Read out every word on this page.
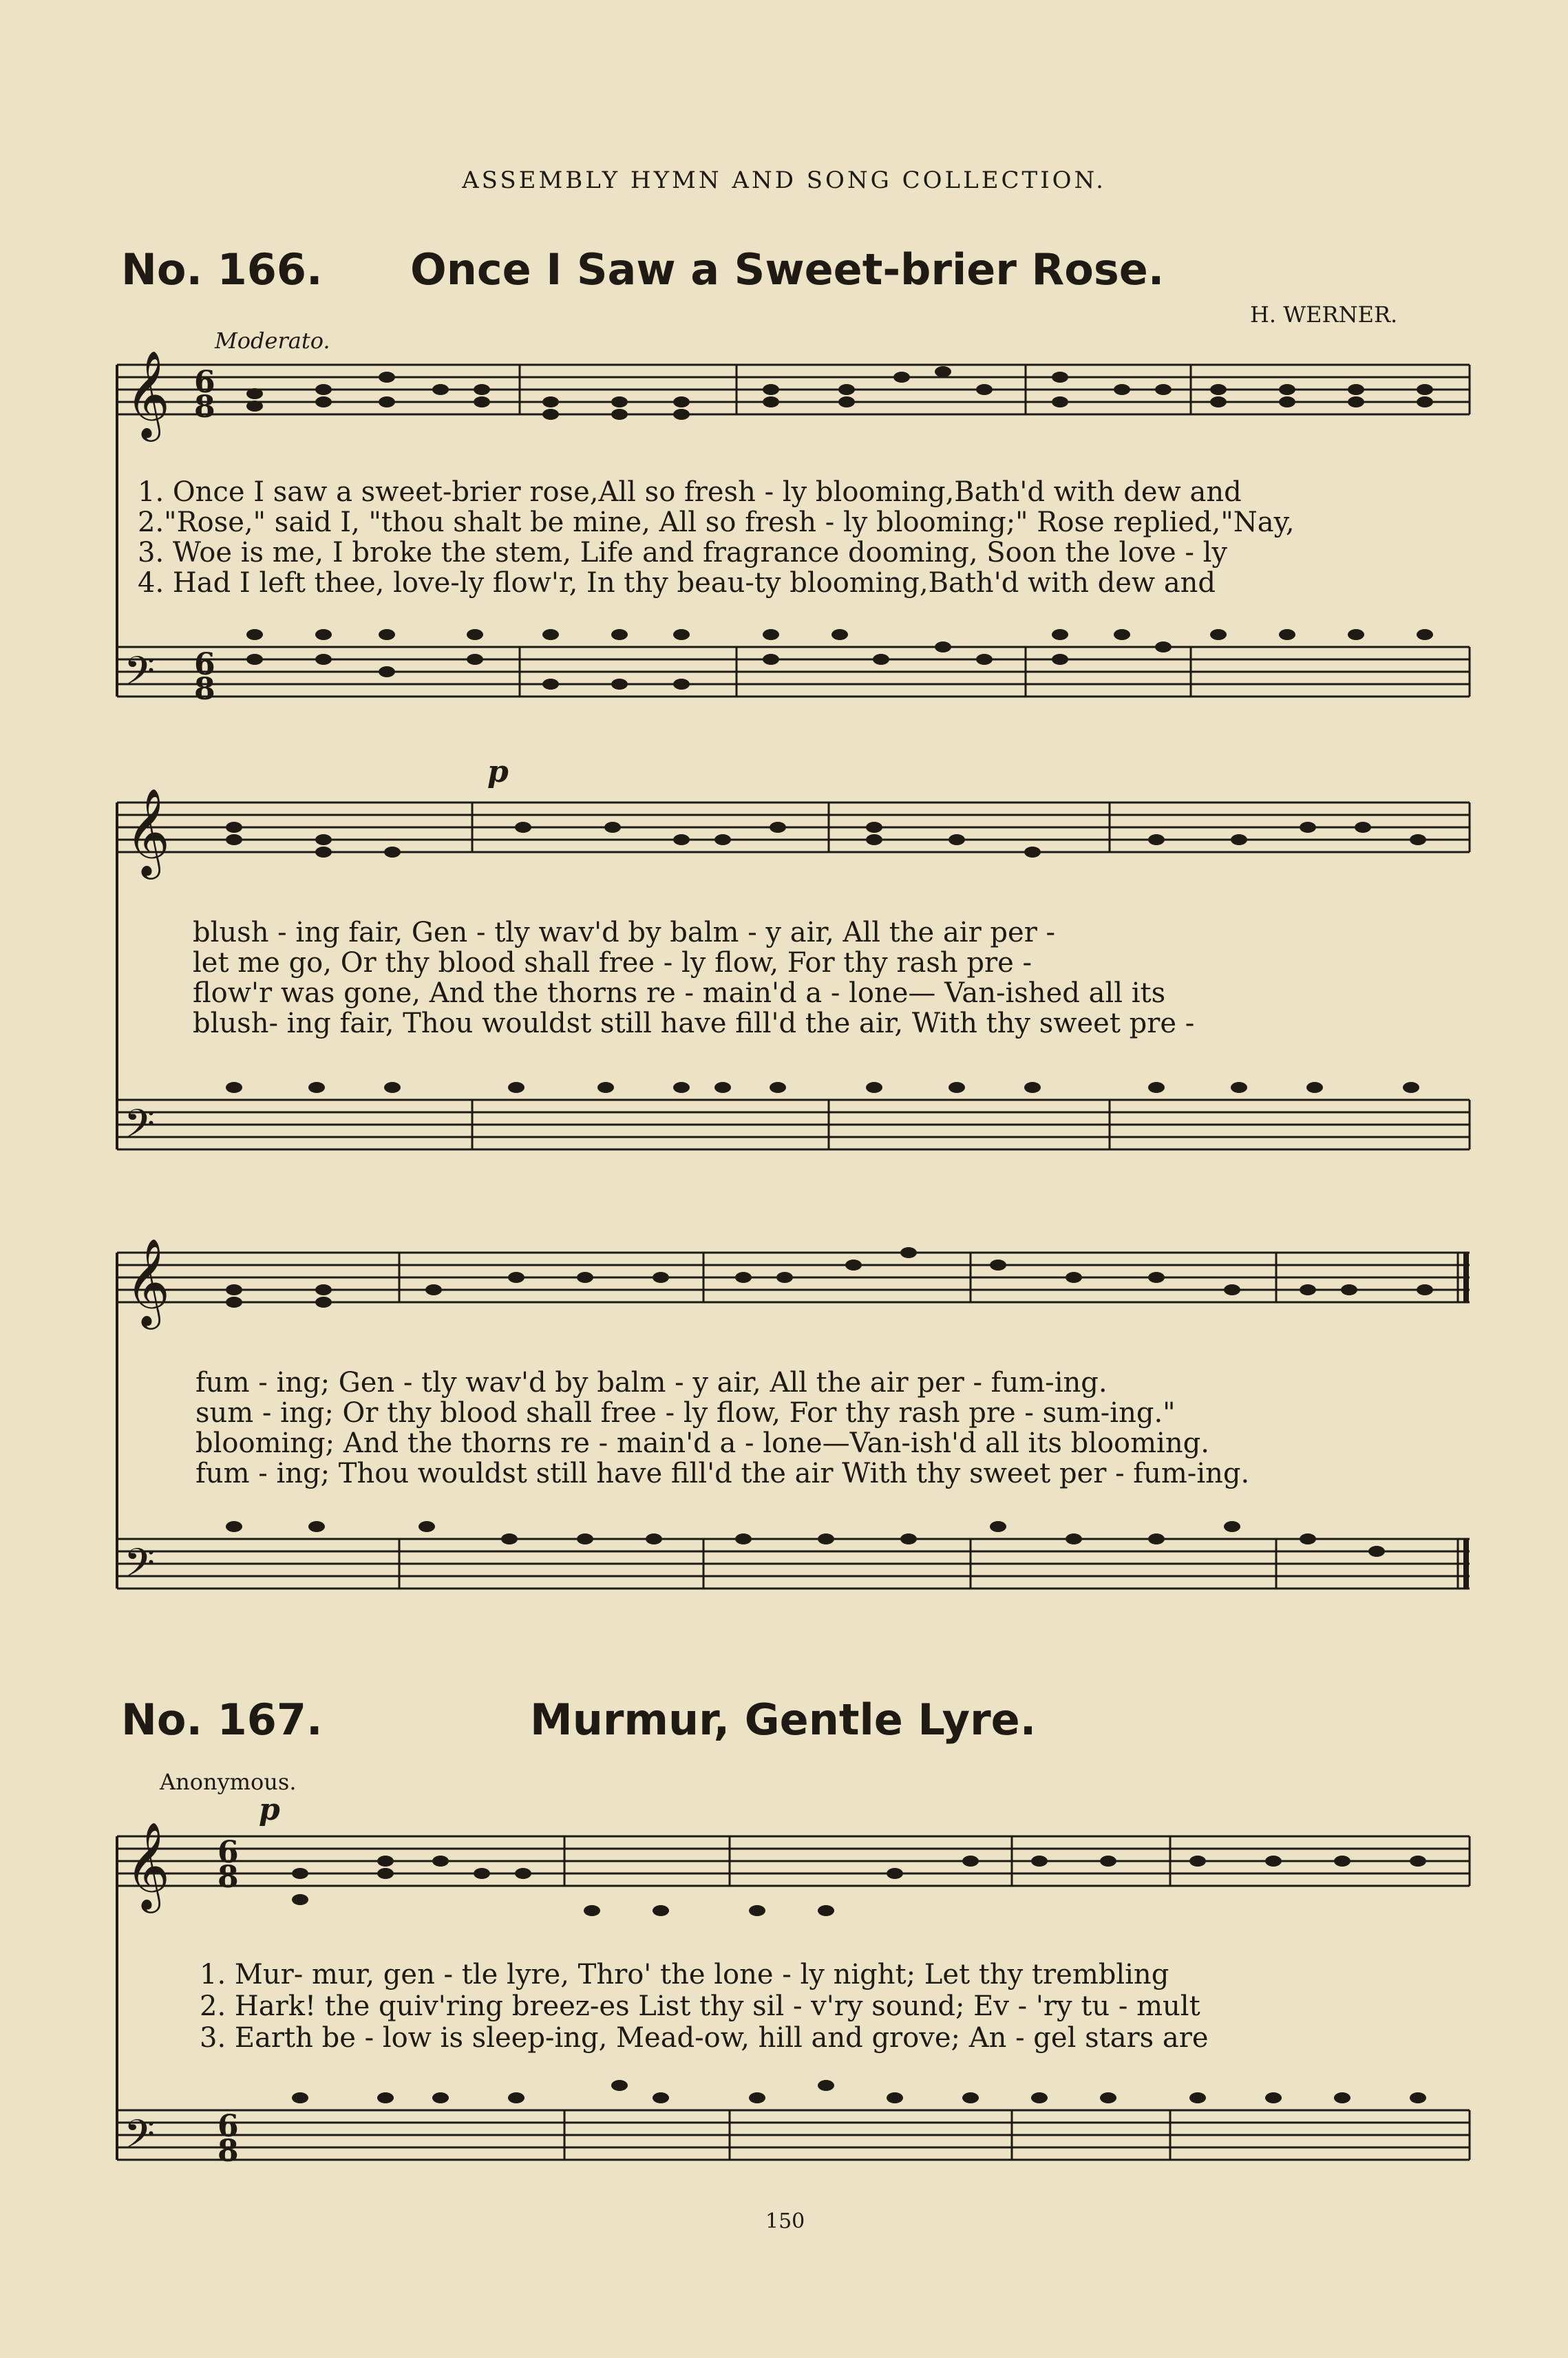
ASSEMBLY HYMN AND SONG COLLECTION.
No. 166. Once I Saw a Sweet-brier Rose.
H. WERNER.
Moderato.
p
𝄞
𝄢
𝄞
𝄢
𝄞
𝄢
𝄞
𝄢
6
8
6
8
6
8
6
8
1. Once I saw a sweet-brier rose,All so fresh - ly blooming,Bath'd with dew and
2."Rose," said I, "thou shalt be mine, All so fresh - ly blooming;" Rose replied,"Nay,
3. Woe is me, I broke the stem, Life and fragrance dooming, Soon the love - ly
4. Had I left thee, love-ly flow'r, In thy beau-ty blooming,Bath'd with dew and
blush - ing fair, Gen - tly wav'd by balm - y air, All the air per -
let me go, Or thy blood shall free - ly flow, For thy rash pre -
flow'r was gone, And the thorns re - main'd a - lone— Van-ished all its
blush- ing fair, Thou wouldst still have fill'd the air, With thy sweet pre -
fum - ing; Gen - tly wav'd by balm - y air, All the air per - fum-ing.
sum - ing; Or thy blood shall free - ly flow, For thy rash pre - sum-ing."
blooming; And the thorns re - main'd a - lone—Van-ish'd all its blooming.
fum - ing; Thou wouldst still have fill'd the air With thy sweet per - fum-ing.
No. 167.	Murmur, Gentle Lyre.
Anonymous.
p
1. Mur- mur, gen - tle lyre, Thro' the lone - ly night; Let thy trembling
2. Hark! the quiv'ring breez-es List thy sil - v'ry sound; Ev - 'ry tu - mult
3. Earth be - low is sleep-ing, Mead-ow, hill and grove; An - gel stars are
150
